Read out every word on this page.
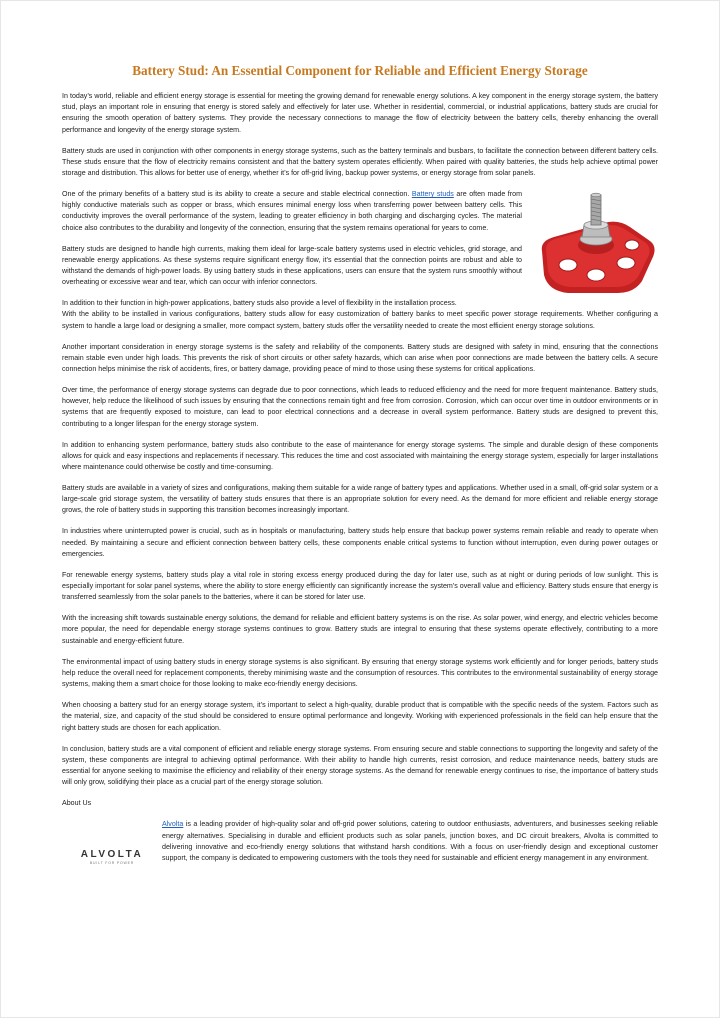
Battery Stud: An Essential Component for Reliable and Efficient Energy Storage

In today’s world, reliable and efficient energy storage is essential for meeting the growing demand for renewable energy solutions. A key component in the energy storage system, the battery stud, plays an important role in ensuring that energy is stored safely and effectively for later use. Whether in residential, commercial, or industrial applications, battery studs are crucial for ensuring the smooth operation of battery systems. They provide the necessary connections to manage the flow of electricity between the battery cells, thereby enhancing the overall performance and longevity of the energy storage system.

Battery studs are used in conjunction with other components in energy storage systems, such as the battery terminals and busbars, to facilitate the connection between different battery cells. These studs ensure that the flow of electricity remains consistent and that the battery system operates efficiently. When paired with quality batteries, the studs help achieve optimal power storage and distribution. This allows for better use of energy, whether it’s for off-grid living, backup power systems, or energy storage from solar panels.

One of the primary benefits of a battery stud is its ability to create a secure and stable electrical connection. Battery studs are often made from highly conductive materials such as copper or brass, which ensures minimal energy loss when transferring power between battery cells. This conductivity improves the overall performance of the system, leading to greater efficiency in both charging and discharging cycles. The material choice also contributes to the durability and longevity of the connection, ensuring that the system remains operational for years to come.

Battery studs are designed to handle high currents, making them ideal for large-scale battery systems used in electric vehicles, grid storage, and renewable energy applications. As these systems require significant energy flow, it’s essential that the connection points are robust and able to withstand the demands of high-power loads. By using battery studs in these applications, users can ensure that the system runs smoothly without overheating or excessive wear and tear, which can occur with inferior connectors.

In addition to their function in high-power applications, battery studs also provide a level of flexibility in the installation process.

With the ability to be installed in various configurations, battery studs allow for easy customization of battery banks to meet specific power storage requirements. Whether configuring a system to handle a large load or designing a smaller, more compact system, battery studs offer the versatility needed to create the most efficient energy storage solutions.

Another important consideration in energy storage systems is the safety and reliability of the components. Battery studs are designed with safety in mind, ensuring that the connections remain stable even under high loads. This prevents the risk of short circuits or other safety hazards, which can arise when poor connections are made between the battery cells. A secure connection helps minimise the risk of accidents, fires, or battery damage, providing peace of mind to those using these systems for critical applications.

Over time, the performance of energy storage systems can degrade due to poor connections, which leads to reduced efficiency and the need for more frequent maintenance. Battery studs, however, help reduce the likelihood of such issues by ensuring that the connections remain tight and free from corrosion. Corrosion, which can occur over time in outdoor environments or in systems that are frequently exposed to moisture, can lead to poor electrical connections and a decrease in overall system performance. Battery studs are designed to prevent this, contributing to a longer lifespan for the energy storage system.

In addition to enhancing system performance, battery studs also contribute to the ease of maintenance for energy storage systems. The simple and durable design of these components allows for quick and easy inspections and replacements if necessary. This reduces the time and cost associated with maintaining the energy storage system, especially for larger installations where maintenance could otherwise be costly and time-consuming.

Battery studs are available in a variety of sizes and configurations, making them suitable for a wide range of battery types and applications. Whether used in a small, off-grid solar system or a large-scale grid storage system, the versatility of battery studs ensures that there is an appropriate solution for every need. As the demand for more efficient and reliable energy storage grows, the role of battery studs in supporting this transition becomes increasingly important.

In industries where uninterrupted power is crucial, such as in hospitals or manufacturing, battery studs help ensure that backup power systems remain reliable and ready to operate when needed. By maintaining a secure and efficient connection between battery cells, these components enable critical systems to function without interruption, even during power outages or emergencies.

For renewable energy systems, battery studs play a vital role in storing excess energy produced during the day for later use, such as at night or during periods of low sunlight. This is especially important for solar panel systems, where the ability to store energy efficiently can significantly increase the system’s overall value and efficiency. Battery studs ensure that energy is transferred seamlessly from the solar panels to the batteries, where it can be stored for later use.

With the increasing shift towards sustainable energy solutions, the demand for reliable and efficient battery systems is on the rise. As solar power, wind energy, and electric vehicles become more popular, the need for dependable energy storage systems continues to grow. Battery studs are integral to ensuring that these systems operate effectively, contributing to a more sustainable and energy-efficient future.

The environmental impact of using battery studs in energy storage systems is also significant. By ensuring that energy storage systems work efficiently and for longer periods, battery studs help reduce the overall need for replacement components, thereby minimising waste and the consumption of resources. This contributes to the environmental sustainability of energy storage systems, making them a smart choice for those looking to make eco-friendly energy decisions.

When choosing a battery stud for an energy storage system, it’s important to select a high-quality, durable product that is compatible with the specific needs of the system. Factors such as the material, size, and capacity of the stud should be considered to ensure optimal performance and longevity. Working with experienced professionals in the field can help ensure that the right battery studs are chosen for each application.

In conclusion, battery studs are a vital component of efficient and reliable energy storage systems. From ensuring secure and stable connections to supporting the longevity and safety of the system, these components are integral to achieving optimal performance. With their ability to handle high currents, resist corrosion, and reduce maintenance needs, battery studs are essential for anyone seeking to maximise the efficiency and reliability of their energy storage systems. As the demand for renewable energy continues to rise, the importance of battery studs will only grow, solidifying their place as a crucial part of the energy storage solution.

About Us

ALVOLTA
BUILT FOR POWER

Alvolta is a leading provider of high-quality solar and off-grid power solutions, catering to outdoor enthusiasts, adventurers, and businesses seeking reliable energy alternatives. Specialising in durable and efficient products such as solar panels, junction boxes, and DC circuit breakers, Alvolta is committed to delivering innovative and eco-friendly energy solutions that withstand harsh conditions. With a focus on user-friendly design and exceptional customer support, the company is dedicated to empowering customers with the tools they need for sustainable and efficient energy management in any environment.
